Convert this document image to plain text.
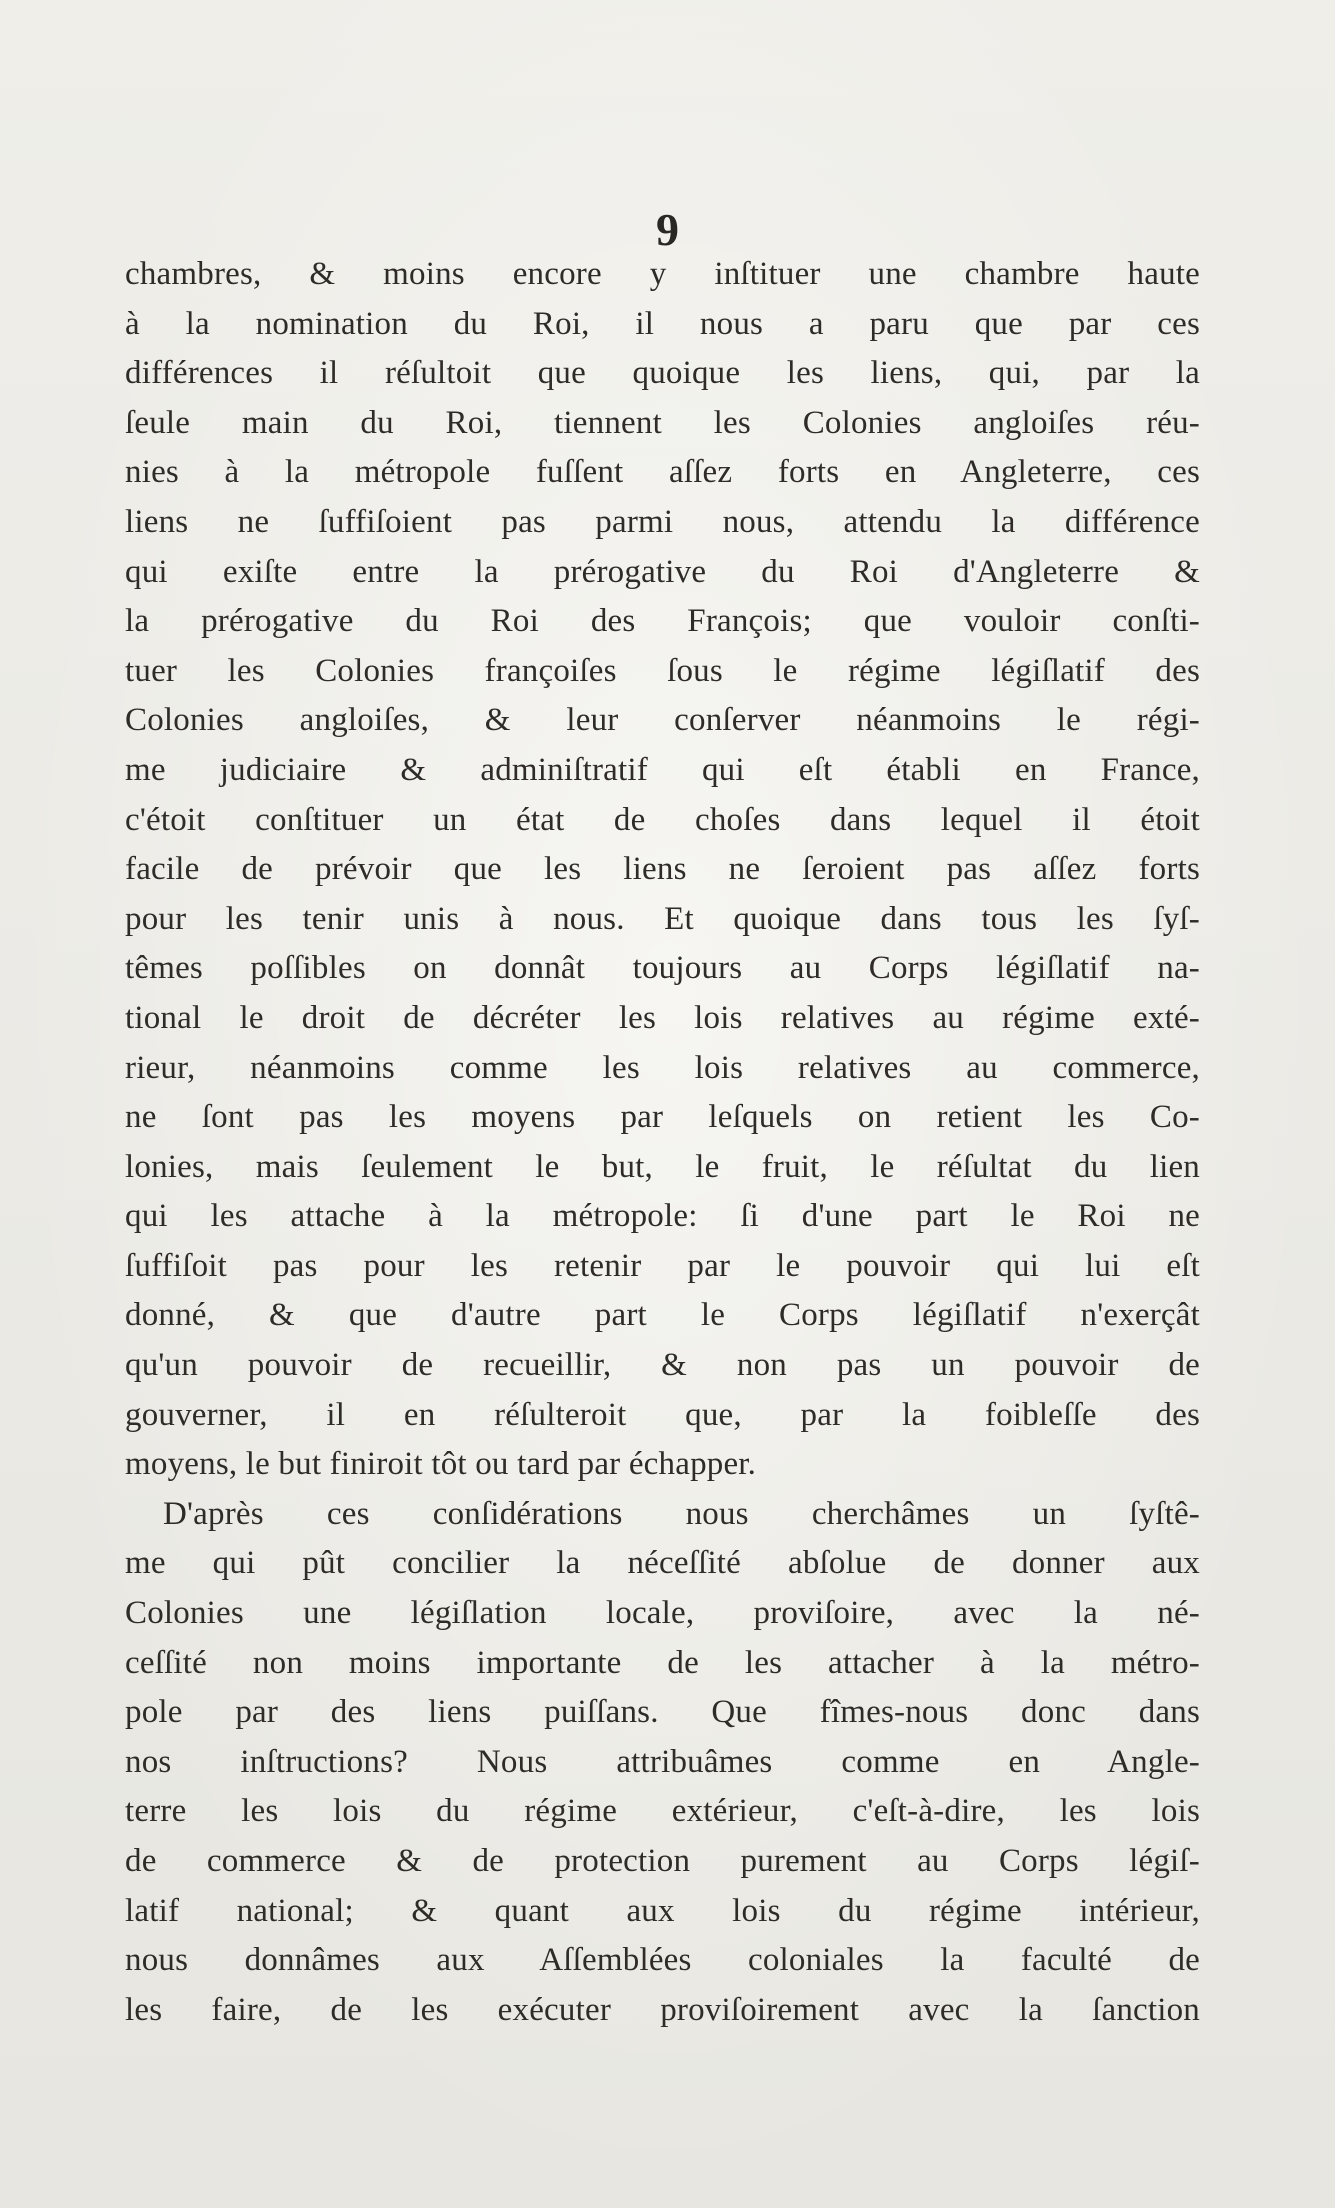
9
chambres, & moins encore y inſtituer une chambre haute
à la nomination du Roi, il nous a paru que par ces
différences il réſultoit que quoique les liens, qui, par la
ſeule main du Roi, tiennent les Colonies angloiſes réu-
nies à la métropole fuſſent aſſez forts en Angleterre, ces
liens ne ſuffiſoient pas parmi nous, attendu la différence
qui exiſte entre la prérogative du Roi d'Angleterre &
la prérogative du Roi des François; que vouloir conſti-
tuer les Colonies françoiſes ſous le régime légiſlatif des
Colonies angloiſes, & leur conſerver néanmoins le régi-
me judiciaire & adminiſtratif qui eſt établi en France,
c'étoit conſtituer un état de choſes dans lequel il étoit
facile de prévoir que les liens ne ſeroient pas aſſez forts
pour les tenir unis à nous. Et quoique dans tous les ſyſ-
têmes poſſibles on donnât toujours au Corps légiſlatif na-
tional le droit de décréter les lois relatives au régime exté-
rieur, néanmoins comme les lois relatives au commerce,
ne ſont pas les moyens par leſquels on retient les Co-
lonies, mais ſeulement le but, le fruit, le réſultat du lien
qui les attache à la métropole: ſi d'une part le Roi ne
ſuffiſoit pas pour les retenir par le pouvoir qui lui eſt
donné, & que d'autre part le Corps légiſlatif n'exerçât
qu'un pouvoir de recueillir, & non pas un pouvoir de
gouverner, il en réſulteroit que, par la foibleſſe des
moyens, le but finiroit tôt ou tard par échapper.
D'après ces conſidérations nous cherchâmes un ſyſtê-
me qui pût concilier la néceſſité abſolue de donner aux
Colonies une légiſlation locale, proviſoire, avec la né-
ceſſité non moins importante de les attacher à la métro-
pole par des liens puiſſans. Que fîmes-nous donc dans
nos inſtructions? Nous attribuâmes comme en Angle-
terre les lois du régime extérieur, c'eſt-à-dire, les lois
de commerce & de protection purement au Corps légiſ-
latif national; & quant aux lois du régime intérieur,
nous donnâmes aux Aſſemblées coloniales la faculté de
les faire, de les exécuter proviſoirement avec la ſanction
